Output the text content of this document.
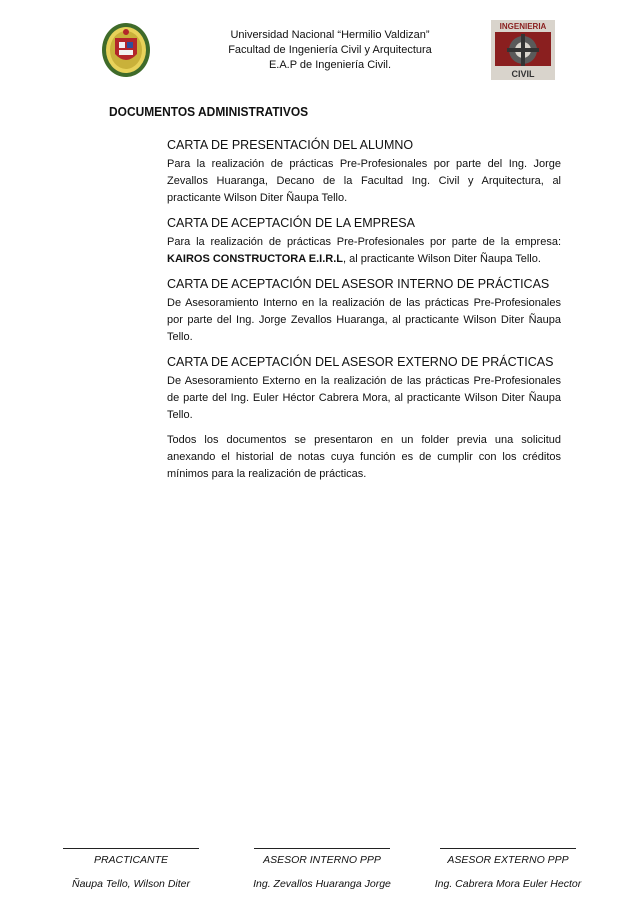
Universidad Nacional “Hermilio Valdizan”
Facultad de Ingeniería Civil y Arquitectura
E.A.P de Ingeniería Civil.
INGENIERIA
CIVIL
DOCUMENTOS ADMINISTRATIVOS

CARTA DE PRESENTACIÓN DEL ALUMNO

Para la realización de prácticas Pre-Profesionales por parte del Ing. Jorge Zevallos Huaranga, Decano de la Facultad Ing. Civil y Arquitectura, al practicante Wilson Diter Ñaupa Tello.

CARTA DE ACEPTACIÓN DE LA EMPRESA

Para la realización de prácticas Pre-Profesionales por parte de la empresa: KAIROS CONSTRUCTORA E.I.R.L, al practicante Wilson Diter Ñaupa Tello.

CARTA DE ACEPTACIÓN DEL ASESOR INTERNO DE PRÁCTICAS

De Asesoramiento Interno en la realización de las prácticas Pre-Profesionales por parte del Ing. Jorge Zevallos Huaranga, al practicante Wilson Diter Ñaupa Tello.

CARTA DE ACEPTACIÓN DEL ASESOR EXTERNO DE PRÁCTICAS

De Asesoramiento Externo en la realización de las prácticas Pre-Profesionales de parte del Ing. Euler Héctor Cabrera Mora, al practicante Wilson Diter Ñaupa Tello.

Todos los documentos se presentaron en un folder previa una solicitud anexando el historial de notas cuya función es de cumplir con los créditos mínimos para la realización de prácticas.

PRACTICANTE
Ñaupa Tello, Wilson Diter
ASESOR INTERNO PPP
Ing. Zevallos Huaranga Jorge
ASESOR EXTERNO PPP
Ing. Cabrera Mora Euler Hector
